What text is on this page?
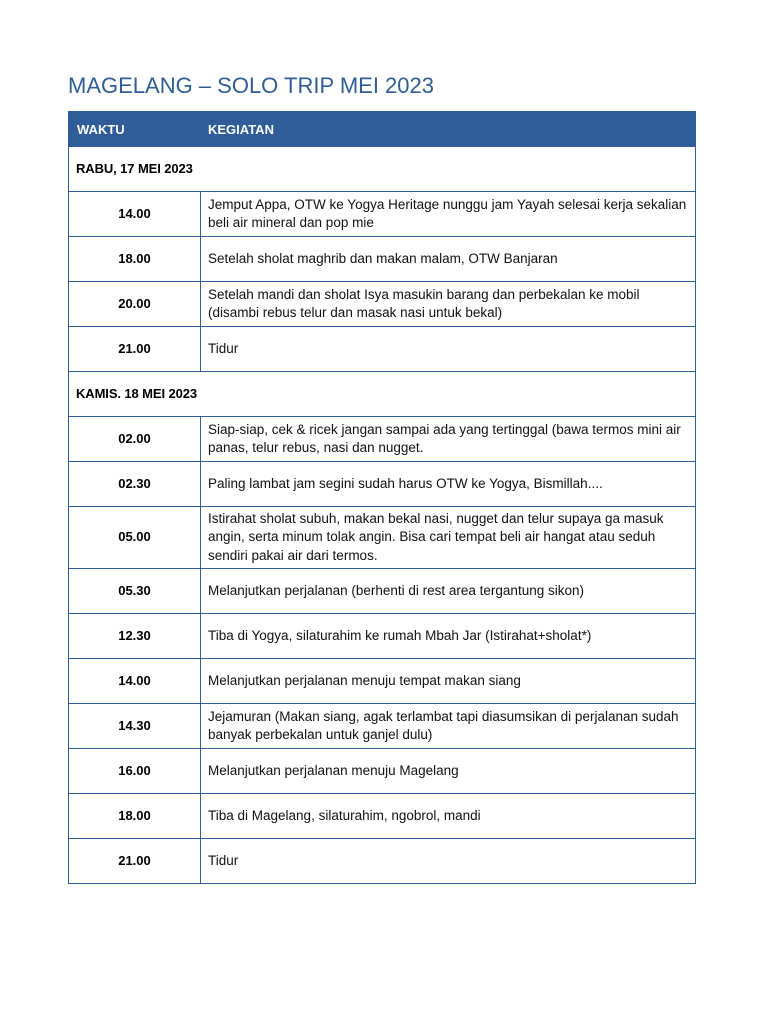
MAGELANG – SOLO TRIP MEI 2023
WAKTU	KEGIATAN
RABU, 17 MEI 2023	
14.00	Jemput Appa, OTW ke Yogya Heritage nunggu jam Yayah selesai kerja sekalian beli air mineral dan pop mie
18.00	Setelah sholat maghrib dan makan malam, OTW Banjaran
20.00	Setelah mandi dan sholat Isya masukin barang dan perbekalan ke mobil (disambi rebus telur dan masak nasi untuk bekal)
21.00	Tidur
KAMIS. 18 MEI 2023	
02.00	Siap-siap, cek & ricek jangan sampai ada yang tertinggal (bawa termos mini air panas, telur rebus, nasi dan nugget.
02.30	Paling lambat jam segini sudah harus OTW ke Yogya, Bismillah....
05.00	Istirahat sholat subuh, makan bekal nasi, nugget dan telur supaya ga masuk angin, serta minum tolak angin. Bisa cari tempat beli air hangat atau seduh sendiri pakai air dari termos.
05.30	Melanjutkan perjalanan (berhenti di rest area tergantung sikon)
12.30	Tiba di Yogya, silaturahim ke rumah Mbah Jar (Istirahat+sholat*)
14.00	Melanjutkan perjalanan menuju tempat makan siang
14.30	Jejamuran (Makan siang, agak terlambat tapi diasumsikan di perjalanan sudah banyak perbekalan untuk ganjel dulu)
16.00	Melanjutkan perjalanan menuju Magelang
18.00	Tiba di Magelang, silaturahim, ngobrol, mandi
21.00	Tidur
